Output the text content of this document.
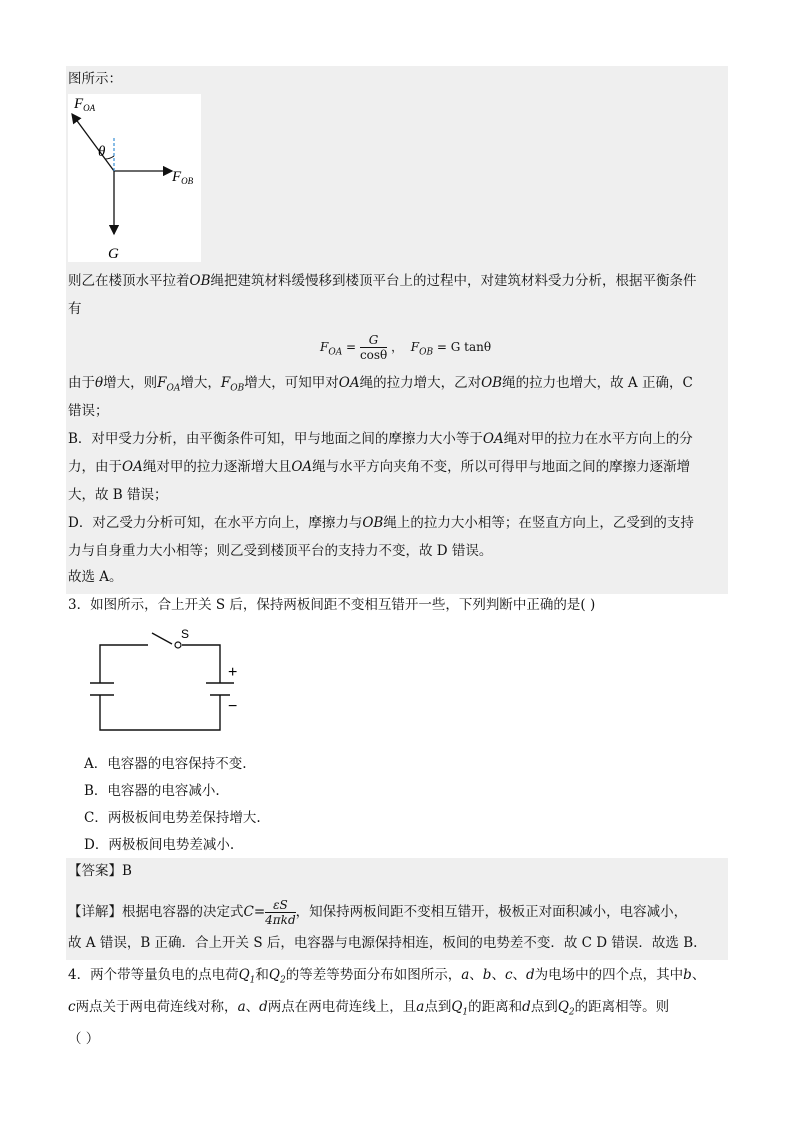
图所示：
$F_{OA}$
θ
$F_{OB}$
G
则乙在楼顶水平拉着OB绳把建筑材料缓慢移到楼顶平台上的过程中，对建筑材料受力分析，根据平衡条件
有
$F_{OA} = \frac{G}{\cos\theta}$ ， $F_{OB} = G$ tanθ
由于θ增大，则$F_{OA}$增大，$F_{OB}$增大，可知甲对OA绳的拉力增大，乙对OB绳的拉力也增大，故 A 正确，C
错误；
B．对甲受力分析，由平衡条件可知，甲与地面之间的摩擦力大小等于OA绳对甲的拉力在水平方向上的分
力，由于OA绳对甲的拉力逐渐增大且OA绳与水平方向夹角不变，所以可得甲与地面之间的摩擦力逐渐增
大，故 B 错误；
D．对乙受力分析可知，在水平方向上，摩擦力与OB绳上的拉力大小相等；在竖直方向上，乙受到的支持
力与自身重力大小相等；则乙受到楼顶平台的支持力不变，故 D 错误。
故选 A。
3．如图所示，合上开关 S 后，保持两板间距不变相互错开一些，下列判断中正确的是( )
S
+
−
A．电容器的电容保持不变.
B．电容器的电容减小.
C．两极板间电势差保持增大.
D．两极板间电势差减小.
【答案】B
【详解】根据电容器的决定式$C= \frac{\varepsilon S}{\text{4πkd}}$ ，知保持两板间距不变相互错开，极板正对面积减小，电容减小，
故 A 错误，B 正确．合上开关 S 后，电容器与电源保持相连，板间的电势差不变．故 C D 错误．故选 B.
4．两个带等量负电的点电荷$Q_1$和$Q_2$的等差等势面分布如图所示，a、b、c、d为电场中的四个点，其中b、
c两点关于两电荷连线对称，a、d两点在两电荷连线上，且a点到$Q_1$的距离和d点到$Q_2$的距离相等。则
（ ）
